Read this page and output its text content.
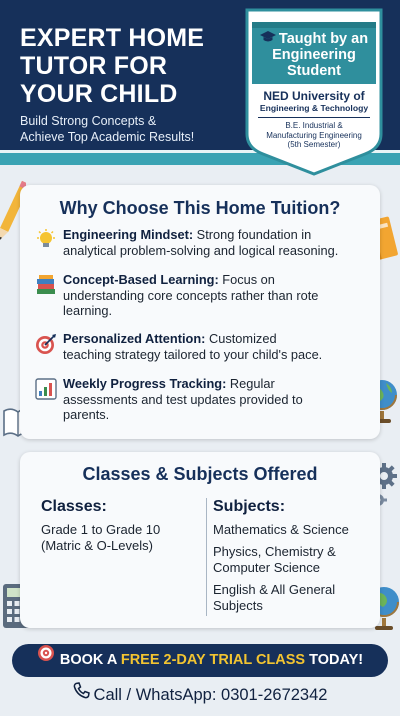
EXPERT HOME
TUTOR FOR
YOUR CHILD
Build Strong Concepts &
Achieve Top Academic Results!
Taught by an
Engineering
Student
NED University of
Engineering & Technology
B.E. Industrial &
Manufacturing Engineering
(5th Semester)
Why Choose This Home Tuition?
Engineering Mindset: Strong foundation in
analytical problem-solving and logical reasoning.
Concept-Based Learning: Focus on
understanding core concepts rather than rote
learning.
Personalized Attention: Customized
teaching strategy tailored to your child's pace.
Weekly Progress Tracking: Regular
assessments and test updates provided to
parents.
Classes & Subjects Offered
Classes:
Grade 1 to Grade 10
(Matric & O-Levels)
Subjects:
Mathematics & Science
Physics, Chemistry &
Computer Science
English & All General
Subjects
BOOK A FREE 2-DAY TRIAL CLASS TODAY!
Call / WhatsApp: 0301-2672342
